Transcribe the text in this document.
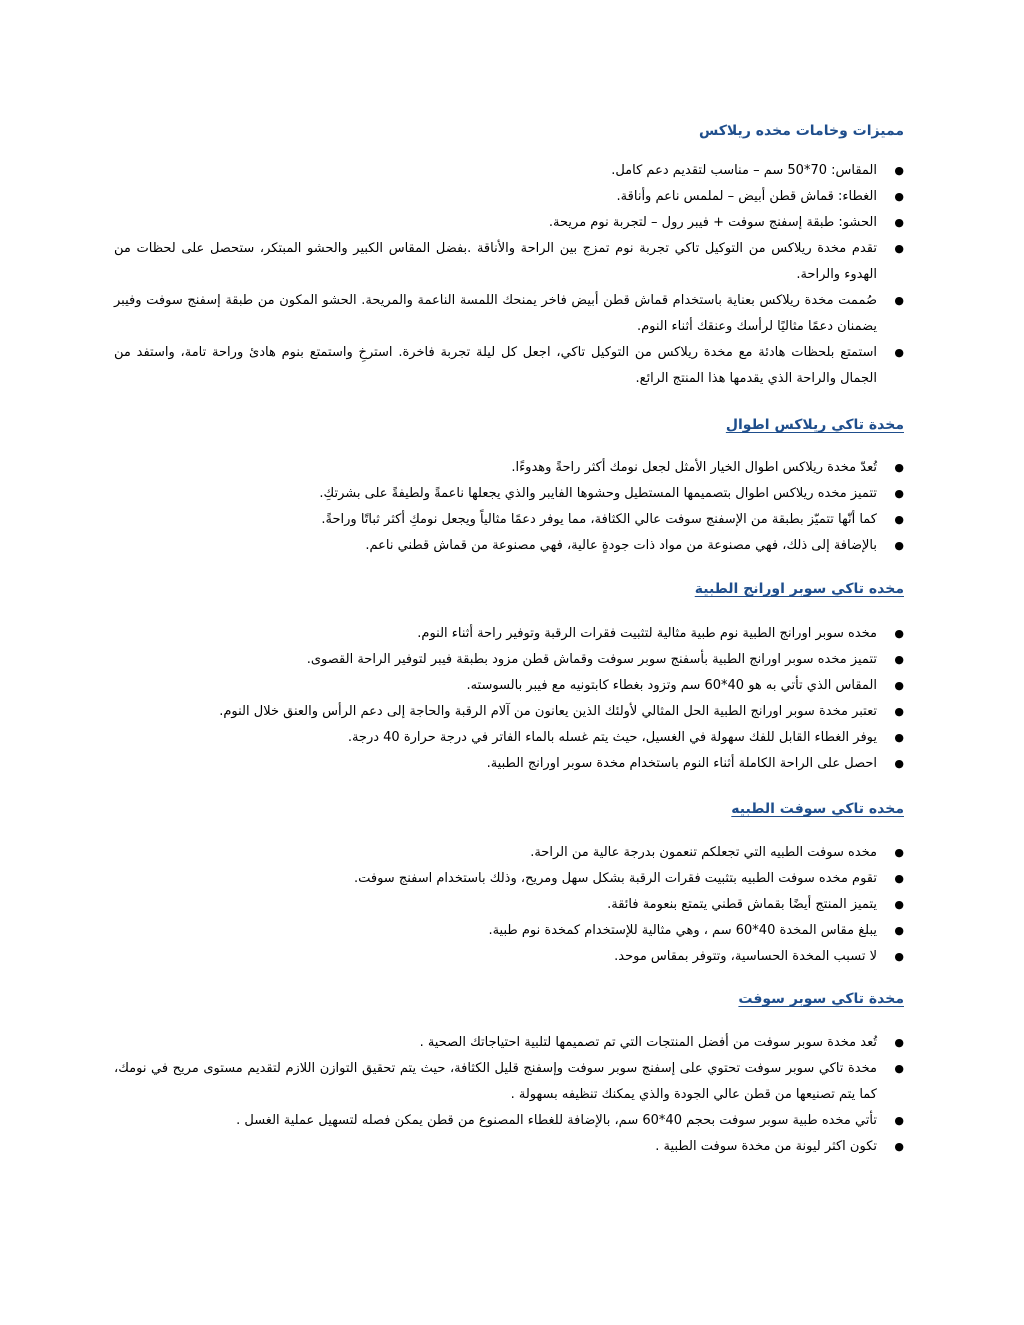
مميزات وخامات مخده ريلاكس
●
المقاس: 70*50 سم – مناسب لتقديم دعم كامل.
●
الغطاء: قماش قطن أبيض – لملمس ناعم وأناقة.
●
الحشو: طبقة إسفنج سوفت + فيبر رول – لتجربة نوم مريحة.
●
تقدم مخدة ريلاكس من التوكيل تاكي تجربة نوم تمزج بين الراحة والأناقة .بفضل المقاس الكبير والحشو المبتكر، ستحصل على لحظات من الهدوء والراحة.
●
صُممت مخدة ريلاكس بعناية باستخدام قماش قطن أبيض فاخر يمنحك اللمسة الناعمة والمريحة. الحشو المكون من طبقة إسفنج سوفت وفيبر يضمنان دعمًا مثاليًا لرأسك وعنقك أثناء النوم.
●
استمتع بلحظات هادئة مع مخدة ريلاكس من التوكيل تاكي، اجعل كل ليلة تجربة فاخرة. استرخِ واستمتع بنوم هادئ وراحة تامة، واستفد من الجمال والراحة الذي يقدمها هذا المنتج الرائع.
مخدة تاكي ريلاكس اطوال
●
تُعدّ مخدة ريلاكس اطوال الخيار الأمثل لجعل نومك أكثر راحةً وهدوءًا.
●
تتميز مخده ريلاكس اطوال بتصميمها المستطيل وحشوها الفايبر والذي يجعلها ناعمةً ولطيفةً على بشرتكِ.
●
كما أنّها تتميّز بطبقة من الإسفنج سوفت عالي الكثافة، مما يوفر دعمًا مثالياً ويجعل نومكِ أكثر ثباتًا وراحةً.
●
بالإضافة إلى ذلك، فهي مصنوعة من مواد ذات جودةٍ عالية، فهي مصنوعة من قماش قطني ناعم.
مخده تاكي سوبر اورانج الطبية
●
مخده سوبر اورانج الطبية نوم طبية مثالية لتثبيت فقرات الرقبة وتوفير راحة أثناء النوم.
●
تتميز مخده سوبر اورانج الطبية بأسفنج سوبر سوفت وقماش قطن مزود بطبقة فيبر لتوفير الراحة القصوى.
●
المقاس الذي تأتي به هو 40*60 سم وتزود بغطاء كابتونيه مع فيبر بالسوسته.
●
تعتبر مخدة سوبر اورانج الطبية الحل المثالي لأولئك الذين يعانون من آلام الرقبة والحاجة إلى دعم الرأس والعنق خلال النوم.
●
يوفر الغطاء القابل للفك سهولة في الغسيل، حيث يتم غسله بالماء الفاتر في درجة حرارة 40 درجة.
●
احصل على الراحة الكاملة أثناء النوم باستخدام مخدة سوبر اورانج الطبية.
مخده تاكي سوفت الطبيه
●
مخده سوفت الطبيه التي تجعلكم تنعمون بدرجة عالية من الراحة.
●
تقوم مخده سوفت الطبيه بتثبيت فقرات الرقبة بشكل سهل ومريح، وذلك باستخدام اسفنج سوفت.
●
يتميز المنتج أيضًا بقماش قطني يتمتع بنعومة فائقة.
●
يبلغ مقاس المخدة 40*60 سم ، وهي مثالية للإستخدام كمخدة نوم طبية.
●
لا تسبب المخدة الحساسية، وتتوفر بمقاس موحد.
مخدة تاكي سوبر سوفت
●
تُعد مخدة سوبر سوفت من أفضل المنتجات التي تم تصميمها لتلبية احتياجاتك الصحية .
●
مخدة تاكي سوبر سوفت تحتوي على إسفنج سوبر سوفت وإسفنج قليل الكثافة، حيث يتم تحقيق التوازن اللازم لتقديم مستوى مريح في نومك، كما يتم تصنيعها من قطن عالي الجودة والذي يمكنك تنظيفه بسهولة .
●
تأتي مخده طبية سوبر سوفت بحجم 40*60 سم، بالإضافة للغطاء المصنوع من قطن يمكن فصله لتسهيل عملية الغسل .
●
تكون اكثر ليونة من مخدة سوفت الطبية .
